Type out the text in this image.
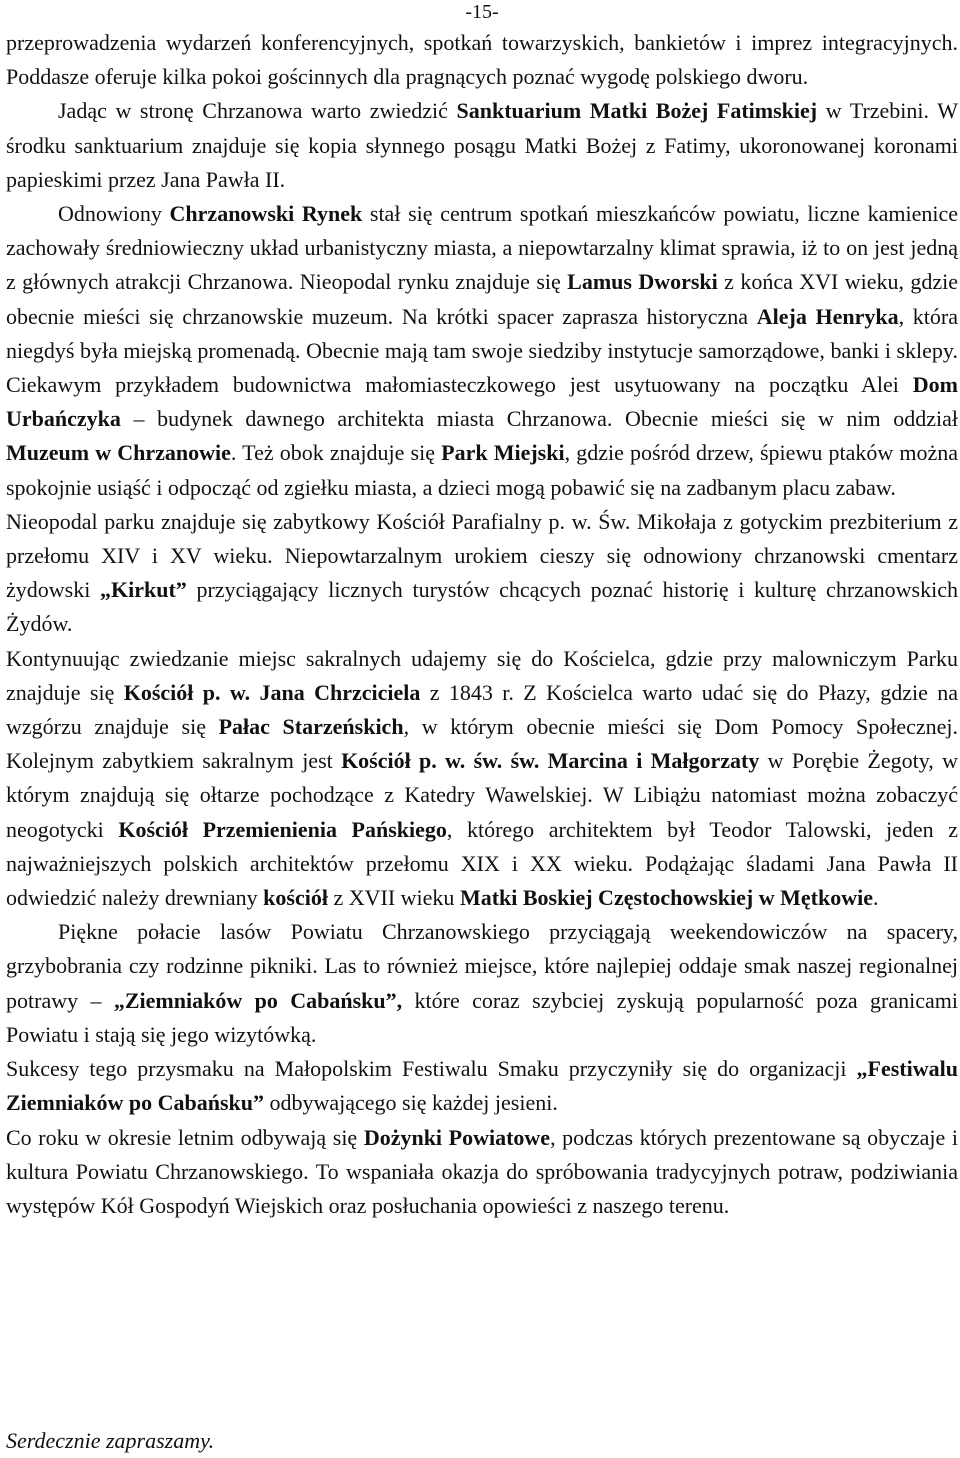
-15-

przeprowadzenia wydarzeń konferencyjnych, spotkań towarzyskich, bankietów i imprez integracyjnych. Poddasze oferuje kilka pokoi gościnnych dla pragnących poznać wygodę polskiego dworu.

Jadąc w stronę Chrzanowa warto zwiedzić Sanktuarium Matki Bożej Fatimskiej w Trzebini. W środku sanktuarium znajduje się kopia słynnego posągu Matki Bożej z Fatimy, ukoronowanej koronami papieskimi przez Jana Pawła II.

Odnowiony Chrzanowski Rynek stał się centrum spotkań mieszkańców powiatu, liczne kamienice zachowały średniowieczny układ urbanistyczny miasta, a niepowtarzalny klimat sprawia, iż to on jest jedną z głównych atrakcji Chrzanowa. Nieopodal rynku znajduje się Lamus Dworski z końca XVI wieku, gdzie obecnie mieści się chrzanowskie muzeum. Na krótki spacer zaprasza historyczna Aleja Henryka, która niegdyś była miejską promenadą. Obecnie mają tam swoje siedziby instytucje samorządowe, banki i sklepy. Ciekawym przykładem budownictwa małomiasteczkowego jest usytuowany na początku Alei Dom Urbańczyka – budynek dawnego architekta miasta Chrzanowa. Obecnie mieści się w nim oddział Muzeum w Chrzanowie. Też obok znajduje się Park Miejski, gdzie pośród drzew, śpiewu ptaków można spokojnie usiąść i odpocząć od zgiełku miasta, a dzieci mogą pobawić się na zadbanym placu zabaw.

Nieopodal parku znajduje się zabytkowy Kościół Parafialny p. w. Św. Mikołaja z gotyckim prezbiterium z przełomu XIV i XV wieku. Niepowtarzalnym urokiem cieszy się odnowiony chrzanowski cmentarz żydowski „Kirkut” przyciągający licznych turystów chcących poznać historię i kulturę chrzanowskich Żydów.

Kontynuując zwiedzanie miejsc sakralnych udajemy się do Kościelca, gdzie przy malowniczym Parku znajduje się Kościół p. w. Jana Chrzciciela z 1843 r. Z Kościelca warto udać się do Płazy, gdzie na wzgórzu znajduje się Pałac Starzeńskich, w którym obecnie mieści się Dom Pomocy Społecznej. Kolejnym zabytkiem sakralnym jest Kościół p. w. św. św. Marcina i Małgorzaty w Porębie Żegoty, w którym znajdują się ołtarze pochodzące z Katedry Wawelskiej. W Libiążu natomiast można zobaczyć neogotycki Kościół Przemienienia Pańskiego, którego architektem był Teodor Talowski, jeden z najważniejszych polskich architektów przełomu XIX i XX wieku. Podążając śladami Jana Pawła II odwiedzić należy drewniany kościół z XVII wieku Matki Boskiej Częstochowskiej w Mętkowie.

Piękne połacie lasów Powiatu Chrzanowskiego przyciągają weekendowiczów na spacery, grzybobrania czy rodzinne pikniki. Las to również miejsce, które najlepiej oddaje smak naszej regionalnej potrawy – „Ziemniaków po Cabańsku”, które coraz szybciej zyskują popularność poza granicami Powiatu i stają się jego wizytówką.

Sukcesy tego przysmaku na Małopolskim Festiwalu Smaku przyczyniły się do organizacji „Festiwalu Ziemniaków po Cabańsku” odbywającego się każdej jesieni.

Co roku w okresie letnim odbywają się Dożynki Powiatowe, podczas których prezentowane są obyczaje i kultura Powiatu Chrzanowskiego. To wspaniała okazja do spróbowania tradycyjnych potraw, podziwiania występów Kół Gospodyń Wiejskich oraz posłuchania opowieści z naszego terenu.

Serdecznie zapraszamy.
